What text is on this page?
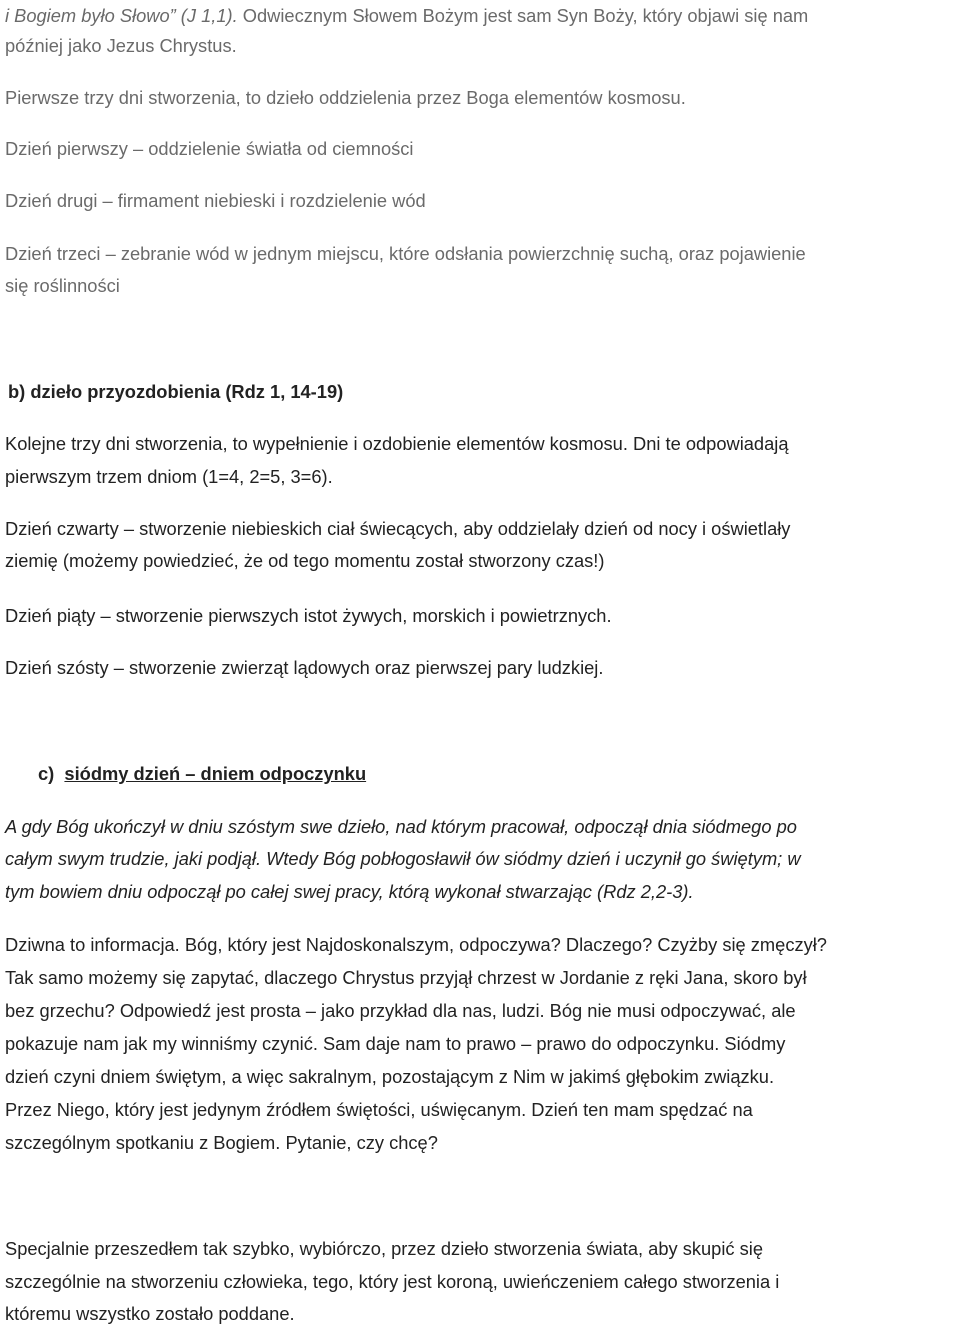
i Bogiem było Słowo” (J 1,1). Odwiecznym Słowem Bożym jest sam Syn Boży, który objawi się nam

później jako Jezus Chrystus.

Pierwsze trzy dni stworzenia, to dzieło oddzielenia przez Boga elementów kosmosu.

Dzień pierwszy – oddzielenie światła od ciemności

Dzień drugi – firmament niebieski i rozdzielenie wód

Dzień trzeci – zebranie wód w jednym miejscu, które odsłania powierzchnię suchą, oraz pojawienie

się roślinności

b) dzieło przyozdobienia (Rdz 1, 14-19)

Kolejne trzy dni stworzenia, to wypełnienie i ozdobienie elementów kosmosu. Dni te odpowiadają

pierwszym trzem dniom (1=4, 2=5, 3=6).

Dzień czwarty – stworzenie niebieskich ciał świecących, aby oddzielały dzień od nocy i oświetlały

ziemię (możemy powiedzieć, że od tego momentu został stworzony czas!)

Dzień piąty – stworzenie pierwszych istot żywych, morskich i powietrznych.

Dzień szósty – stworzenie zwierząt lądowych oraz pierwszej pary ludzkiej.

c)  siódmy dzień – dniem odpoczynku

A gdy Bóg ukończył w dniu szóstym swe dzieło, nad którym pracował, odpoczął dnia siódmego po

całym swym trudzie, jaki podjął. Wtedy Bóg pobłogosławił ów siódmy dzień i uczynił go świętym; w

tym bowiem dniu odpoczął po całej swej pracy, którą wykonał stwarzając (Rdz 2,2-3).

Dziwna to informacja. Bóg, który jest Najdoskonalszym, odpoczywa? Dlaczego? Czyżby się zmęczył?

Tak samo możemy się zapytać, dlaczego Chrystus przyjął chrzest w Jordanie z ręki Jana, skoro był

bez grzechu? Odpowiedź jest prosta – jako przykład dla nas, ludzi. Bóg nie musi odpoczywać, ale

pokazuje nam jak my winniśmy czynić. Sam daje nam to prawo – prawo do odpoczynku. Siódmy

dzień czyni dniem świętym, a więc sakralnym, pozostającym z Nim w jakimś głębokim związku.

Przez Niego, który jest jedynym źródłem świętości, uświęcanym. Dzień ten mam spędzać na

szczególnym spotkaniu z Bogiem. Pytanie, czy chcę?

Specjalnie przeszedłem tak szybko, wybiórczo, przez dzieło stworzenia świata, aby skupić się

szczególnie na stworzeniu człowieka, tego, który jest koroną, uwieńczeniem całego stworzenia i

któremu wszystko zostało poddane.
